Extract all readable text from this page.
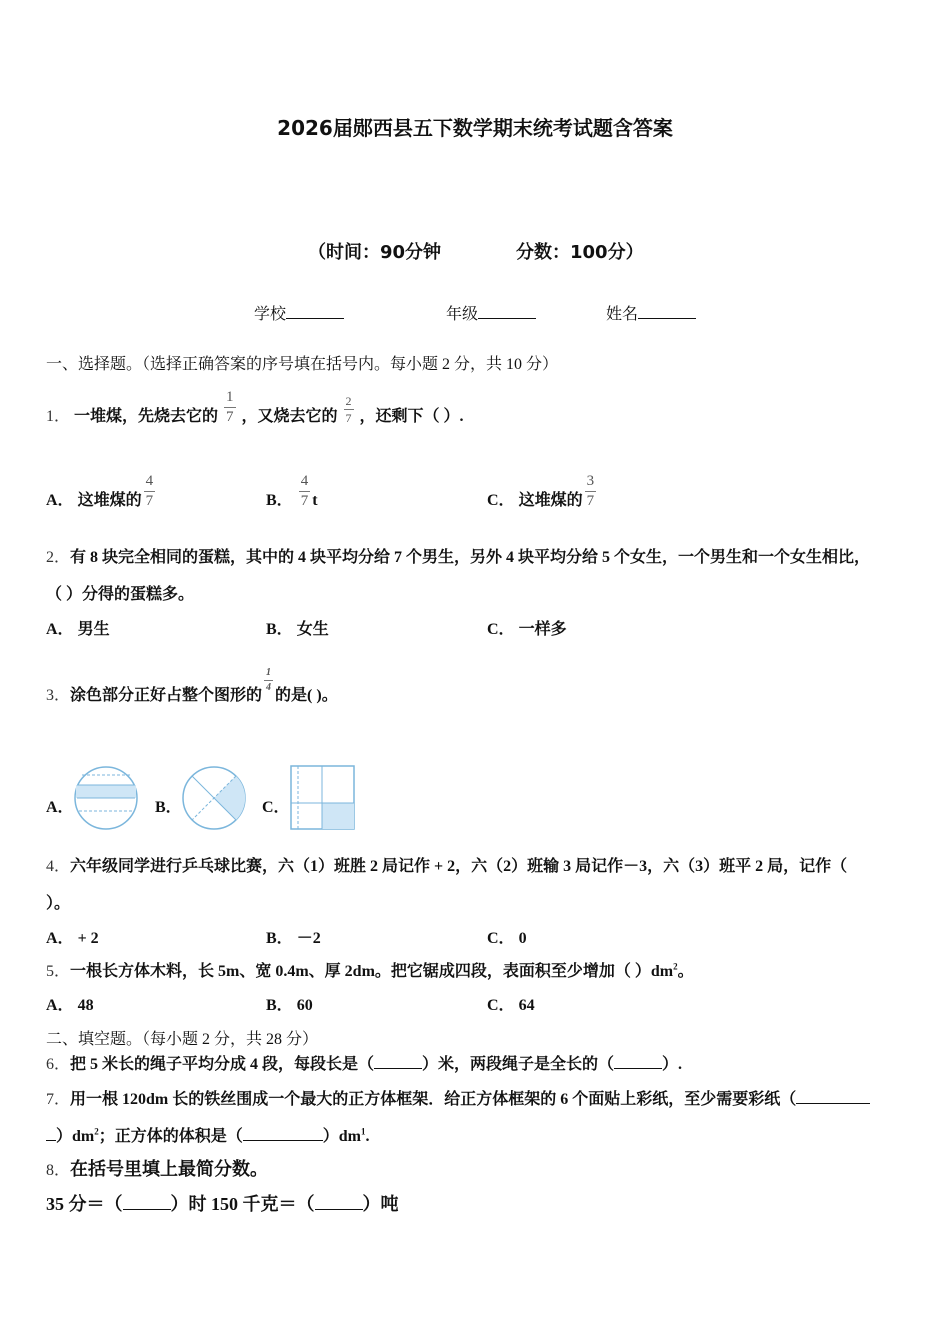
2026届郧西县五下数学期末统考试题含答案
（时间：90分钟	分数：100分）
学校	年级	姓名
一、选择题。（选择正确答案的序号填在括号内。每小题 2 分，共 10 分）
1． 一堆煤，先烧去它的 $\frac{1}{7}$ ，又烧去它的 $\frac{2}{7}$ ，还剩下（ ）.
A． 这堆煤的 $\frac{4}{7}$	B． $\frac{4}{7}$ t	C． 这堆煤的 $\frac{3}{7}$
2．有 8 块完全相同的蛋糕，其中的 4 块平均分给 7 个男生，另外 4 块平均分给 5 个女生，一个男生和一个女生相比，
（ ）分得的蛋糕多。
A． 男生	B． 女生	C． 一样多
3．涂色部分正好占整个图形的
$\frac{1}{4}$
的是( )。
A．	B．	C．
4．六年级同学进行乒乓球比赛，六（1）班胜 2 局记作 + 2，六（2）班输 3 局记作－3，六（3）班平 2 局，记作（
）。
A． + 2	B． －2	C． 0
5．一根长方体木料，长 5m、宽 0.4m、厚 2dm。把它锯成四段，表面积至少增加（ ）$dm^2$。
A． 48	B． 60	C． 64
二、填空题。（每小题 2 分，共 28 分）
6．把 5 米长的绳子平均分成 4 段，每段长是（	）米，两段绳子是全长的（	）.
7．用一根 120dm 长的铁丝围成一个最大的正方体框架．给正方体框架的 6 个面贴上彩纸，至少需要彩纸（
）$dm^2$；正方体的体积是（	）$dm^1$.
8．在括号里填上最简分数。
35 分＝（	）时 150 千克＝（	）吨
